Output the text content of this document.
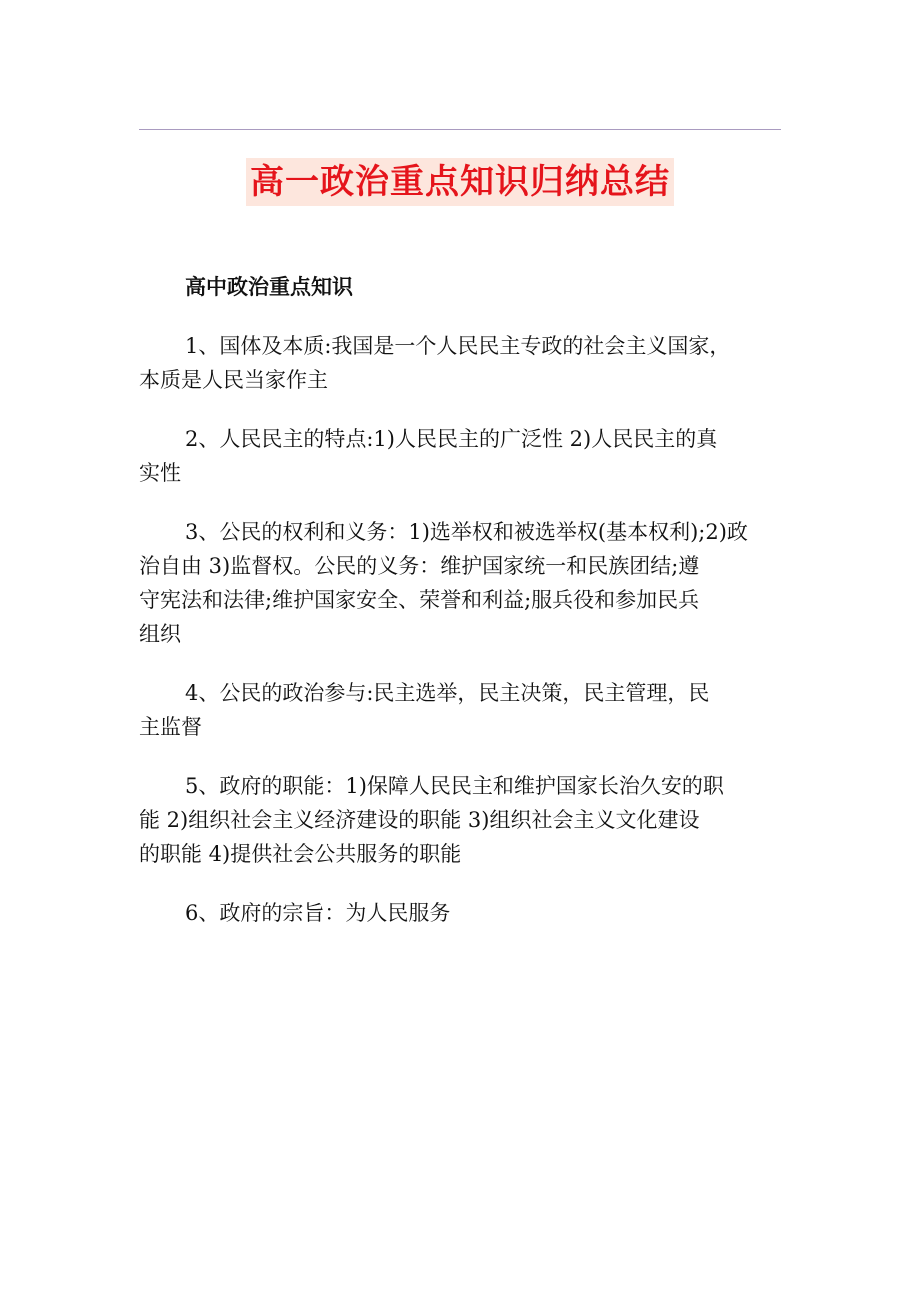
高一政治重点知识归纳总结

高中政治重点知识

1、国体及本质:我国是一个人民民主专政的社会主义国家，
本质是人民当家作主

2、人民民主的特点:1)人民民主的广泛性 2)人民民主的真
实性

3、公民的权利和义务：1)选举权和被选举权(基本权利);2)政
治自由 3)监督权。公民的义务：维护国家统一和民族团结;遵
守宪法和法律;维护国家安全、荣誉和利益;服兵役和参加民兵
组织

4、公民的政治参与:民主选举，民主决策，民主管理，民
主监督

5、政府的职能：1)保障人民民主和维护国家长治久安的职
能 2)组织社会主义经济建设的职能 3)组织社会主义文化建设
的职能 4)提供社会公共服务的职能

6、政府的宗旨：为人民服务
